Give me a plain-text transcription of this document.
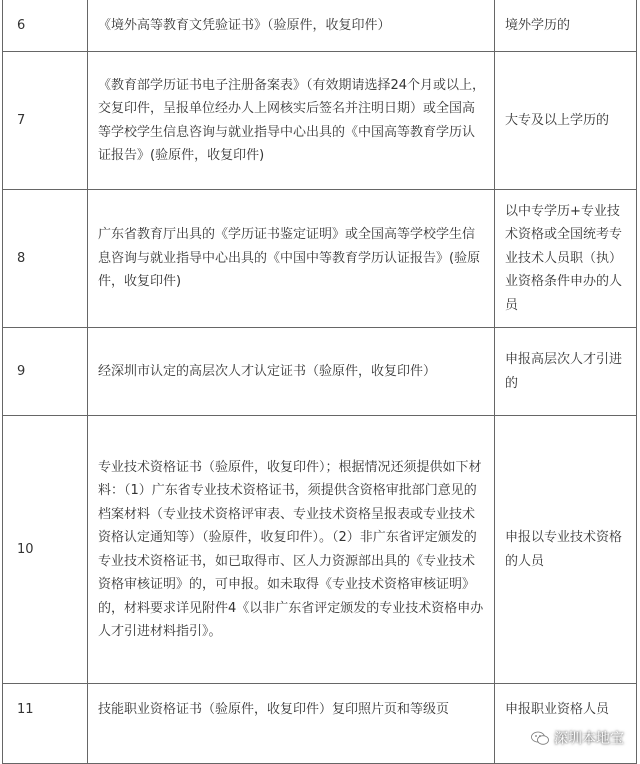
6	《境外高等教育文凭验证书》（验原件，收复印件）	境外学历的
7	《教育部学历证书电子注册备案表》（有效期请选择24个月或以上，交复印件，呈报单位经办人上网核实后签名并注明日期）或全国高等学校学生信息咨询与就业指导中心出具的《中国高等教育学历认证报告》(验原件，收复印件)	大专及以上学历的
8	广东省教育厅出具的《学历证书鉴定证明》或全国高等学校学生信息咨询与就业指导中心出具的《中国中等教育学历认证报告》(验原件，收复印件)	以中专学历+专业技术资格或全国统考专业技术人员职（执）业资格条件申办的人员
9	经深圳市认定的高层次人才认定证书（验原件，收复印件）	申报高层次人才引进的
10	专业技术资格证书（验原件，收复印件）；根据情况还须提供如下材料：（1）广东省专业技术资格证书，须提供含资格审批部门意见的档案材料（专业技术资格评审表、专业技术资格呈报表或专业技术资格认定通知等）（验原件，收复印件）。（2）非广东省评定颁发的专业技术资格证书，如已取得市、区人力资源部出具的《专业技术资格审核证明》的，可申报。如未取得《专业技术资格审核证明》的，材料要求详见附件4《以非广东省评定颁发的专业技术资格申办人才引进材料指引》。	申报以专业技术资格的人员
11	技能职业资格证书（验原件，收复印件）复印照片页和等级页	申报职业资格人员
深圳本地宝
